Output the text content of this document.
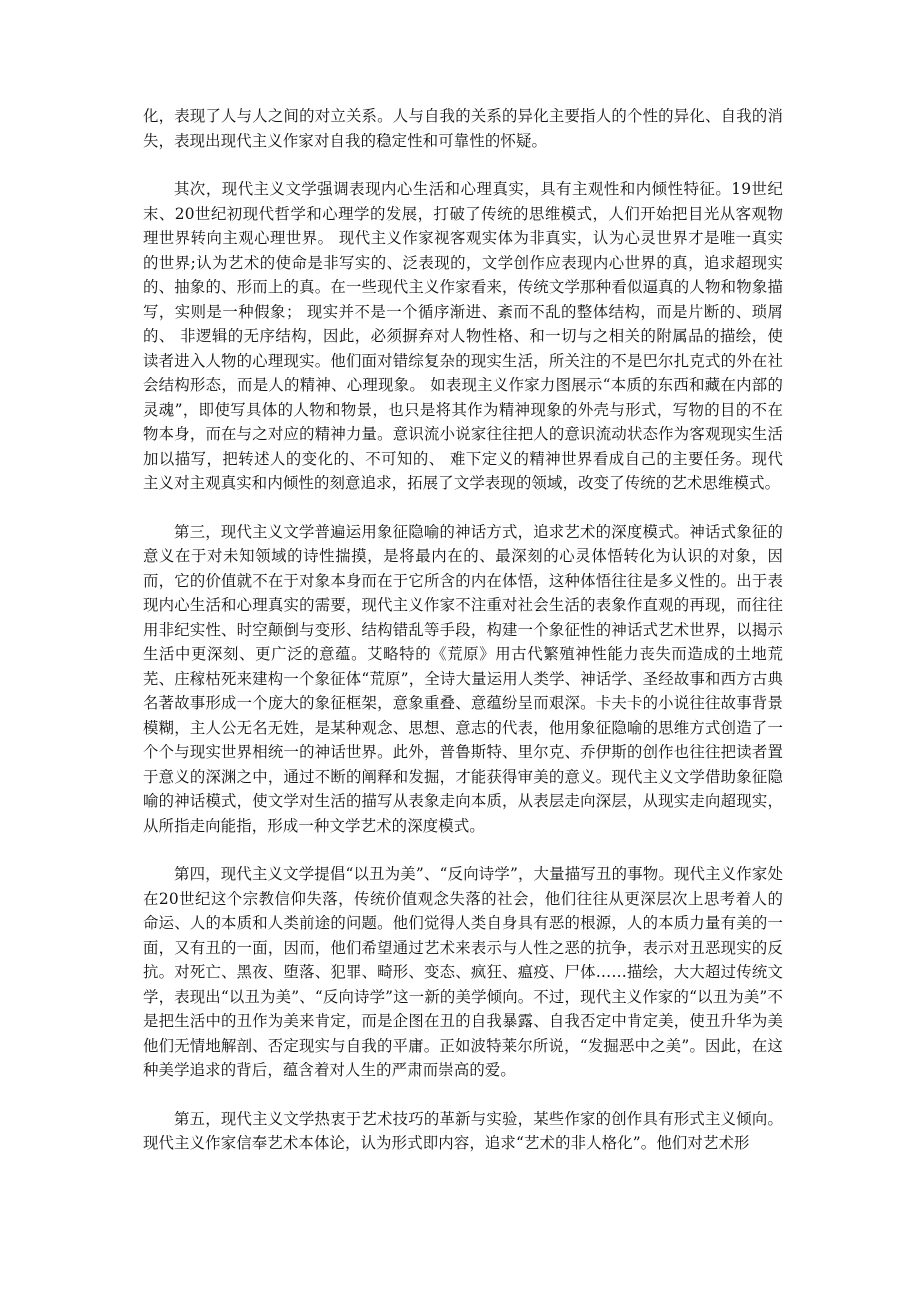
化，表现了人与人之间的对立关系。人与自我的关系的异化主要指人的个性的异化、自我的消失，表现出现代主义作家对自我的稳定性和可靠性的怀疑。

其次，现代主义文学强调表现内心生活和心理真实，具有主观性和内倾性特征。19世纪末、20世纪初现代哲学和心理学的发展，打破了传统的思维模式，人们开始把目光从客观物理世界转向主观心理世界。 现代主义作家视客观实体为非真实，认为心灵世界才是唯一真实的世界;认为艺术的使命是非写实的、泛表现的，文学创作应表现内心世界的真，追求超现实的、抽象的、形而上的真。在一些现代主义作家看来，传统文学那种看似逼真的人物和物象描写，实则是一种假象； 现实并不是一个循序渐进、紊而不乱的整体结构，而是片断的、琐屑的、 非逻辑的无序结构，因此，必须摒弃对人物性格、和一切与之相关的附属品的描绘，使读者进入人物的心理现实。他们面对错综复杂的现实生活，所关注的不是巴尔扎克式的外在社会结构形态，而是人的精神、心理现象。 如表现主义作家力图展示“本质的东西和藏在内部的灵魂”，即使写具体的人物和物景，也只是将其作为精神现象的外壳与形式，写物的目的不在物本身，而在与之对应的精神力量。意识流小说家往往把人的意识流动状态作为客观现实生活加以描写，把转述人的变化的、不可知的、 难下定义的精神世界看成自己的主要任务。现代主义对主观真实和内倾性的刻意追求，拓展了文学表现的领域，改变了传统的艺术思维模式。

第三，现代主义文学普遍运用象征隐喻的神话方式，追求艺术的深度模式。神话式象征的意义在于对未知领域的诗性揣摸，是将最内在的、最深刻的心灵体悟转化为认识的对象，因而，它的价值就不在于对象本身而在于它所含的内在体悟，这种体悟往往是多义性的。出于表现内心生活和心理真实的需要，现代主义作家不注重对社会生活的表象作直观的再现，而往往用非纪实性、时空颠倒与变形、结构错乱等手段，构建一个象征性的神话式艺术世界，以揭示生活中更深刻、更广泛的意蕴。艾略特的《荒原》用古代繁殖神性能力丧失而造成的土地荒芜、庄稼枯死来建构一个象征体“荒原”，全诗大量运用人类学、神话学、圣经故事和西方古典名著故事形成一个庞大的象征框架，意象重叠、意蕴纷呈而艰深。卡夫卡的小说往往故事背景模糊，主人公无名无姓，是某种观念、思想、意志的代表，他用象征隐喻的思维方式创造了一个个与现实世界相统一的神话世界。此外，普鲁斯特、里尔克、乔伊斯的创作也往往把读者置于意义的深渊之中，通过不断的阐释和发掘，才能获得审美的意义。现代主义文学借助象征隐喻的神话模式，使文学对生活的描写从表象走向本质，从表层走向深层，从现实走向超现实，从所指走向能指，形成一种文学艺术的深度模式。

第四，现代主义文学提倡“以丑为美”、“反向诗学”，大量描写丑的事物。现代主义作家处在20世纪这个宗教信仰失落，传统价值观念失落的社会，他们往往从更深层次上思考着人的命运、人的本质和人类前途的问题。他们觉得人类自身具有恶的根源，人的本质力量有美的一面，又有丑的一面，因而，他们希望通过艺术来表示与人性之恶的抗争，表示对丑恶现实的反抗。对死亡、黑夜、堕落、犯罪、畸形、变态、疯狂、瘟疫、尸体……描绘，大大超过传统文学，表现出“以丑为美”、“反向诗学”这一新的美学倾向。不过，现代主义作家的“以丑为美”不是把生活中的丑作为美来肯定，而是企图在丑的自我暴露、自我否定中肯定美，使丑升华为美 他们无情地解剖、否定现实与自我的平庸。正如波特莱尔所说，“发掘恶中之美”。因此，在这种美学追求的背后，蕴含着对人生的严肃而崇高的爱。

第五，现代主义文学热衷于艺术技巧的革新与实验，某些作家的创作具有形式主义倾向。现代主义作家信奉艺术本体论，认为形式即内容，追求“艺术的非人格化”。他们对艺术形
